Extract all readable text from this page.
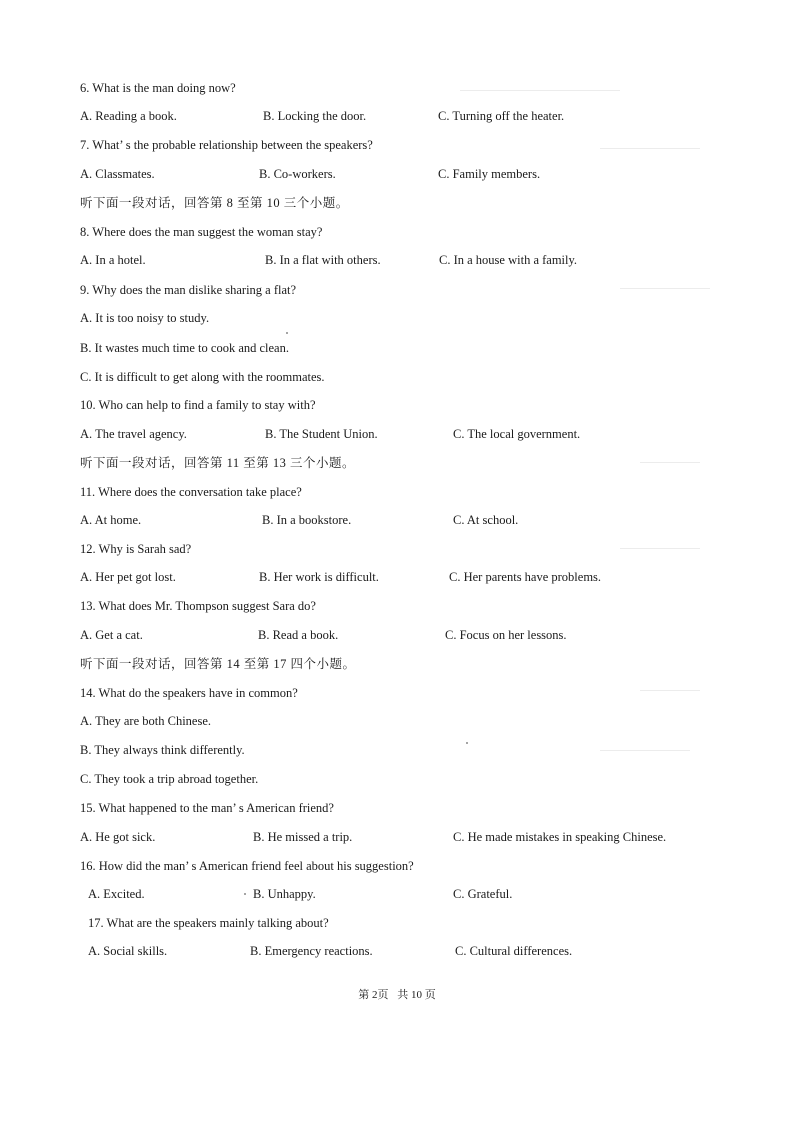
6. What is the man doing now?
A. Reading a book.	B. Locking the door.	C. Turning off the heater.
7. What’ s the probable relationship between the speakers?
A. Classmates.	B. Co-workers.	C. Family members.
听下面一段对话，回答第 8 至第 10 三个小题。
8. Where does the man suggest the woman stay?
A. In a hotel.	B. In a flat with others.	C. In a house with a family.
9. Why does the man dislike sharing a flat?
A. It is too noisy to study.
B. It wastes much time to cook and clean.
C. It is difficult to get along with the roommates.
10. Who can help to find a family to stay with?
A. The travel agency.	B. The Student Union.	C. The local government.
听下面一段对话，回答第 11 至第 13 三个小题。
11. Where does the conversation take place?
A. At home.	B. In a bookstore.	C. At school.
12. Why is Sarah sad?
A. Her pet got lost.	B. Her work is difficult.	C. Her parents have problems.
13. What does Mr. Thompson suggest Sara do?
A. Get a cat.	B. Read a book.	C. Focus on her lessons.
听下面一段对话，回答第 14 至第 17 四个小题。
14. What do the speakers have in common?
A. They are both Chinese.
B. They always think differently.
C. They took a trip abroad together.
15. What happened to the man’ s American friend?
A. He got sick.	B. He missed a trip.	C. He made mistakes in speaking Chinese.
16. How did the man’ s American friend feel about his suggestion?
A. Excited.	B. Unhappy.	C. Grateful.
17. What are the speakers mainly talking about?
A. Social skills.	B. Emergency reactions.	C. Cultural differences.
第 2页 共 10 页
